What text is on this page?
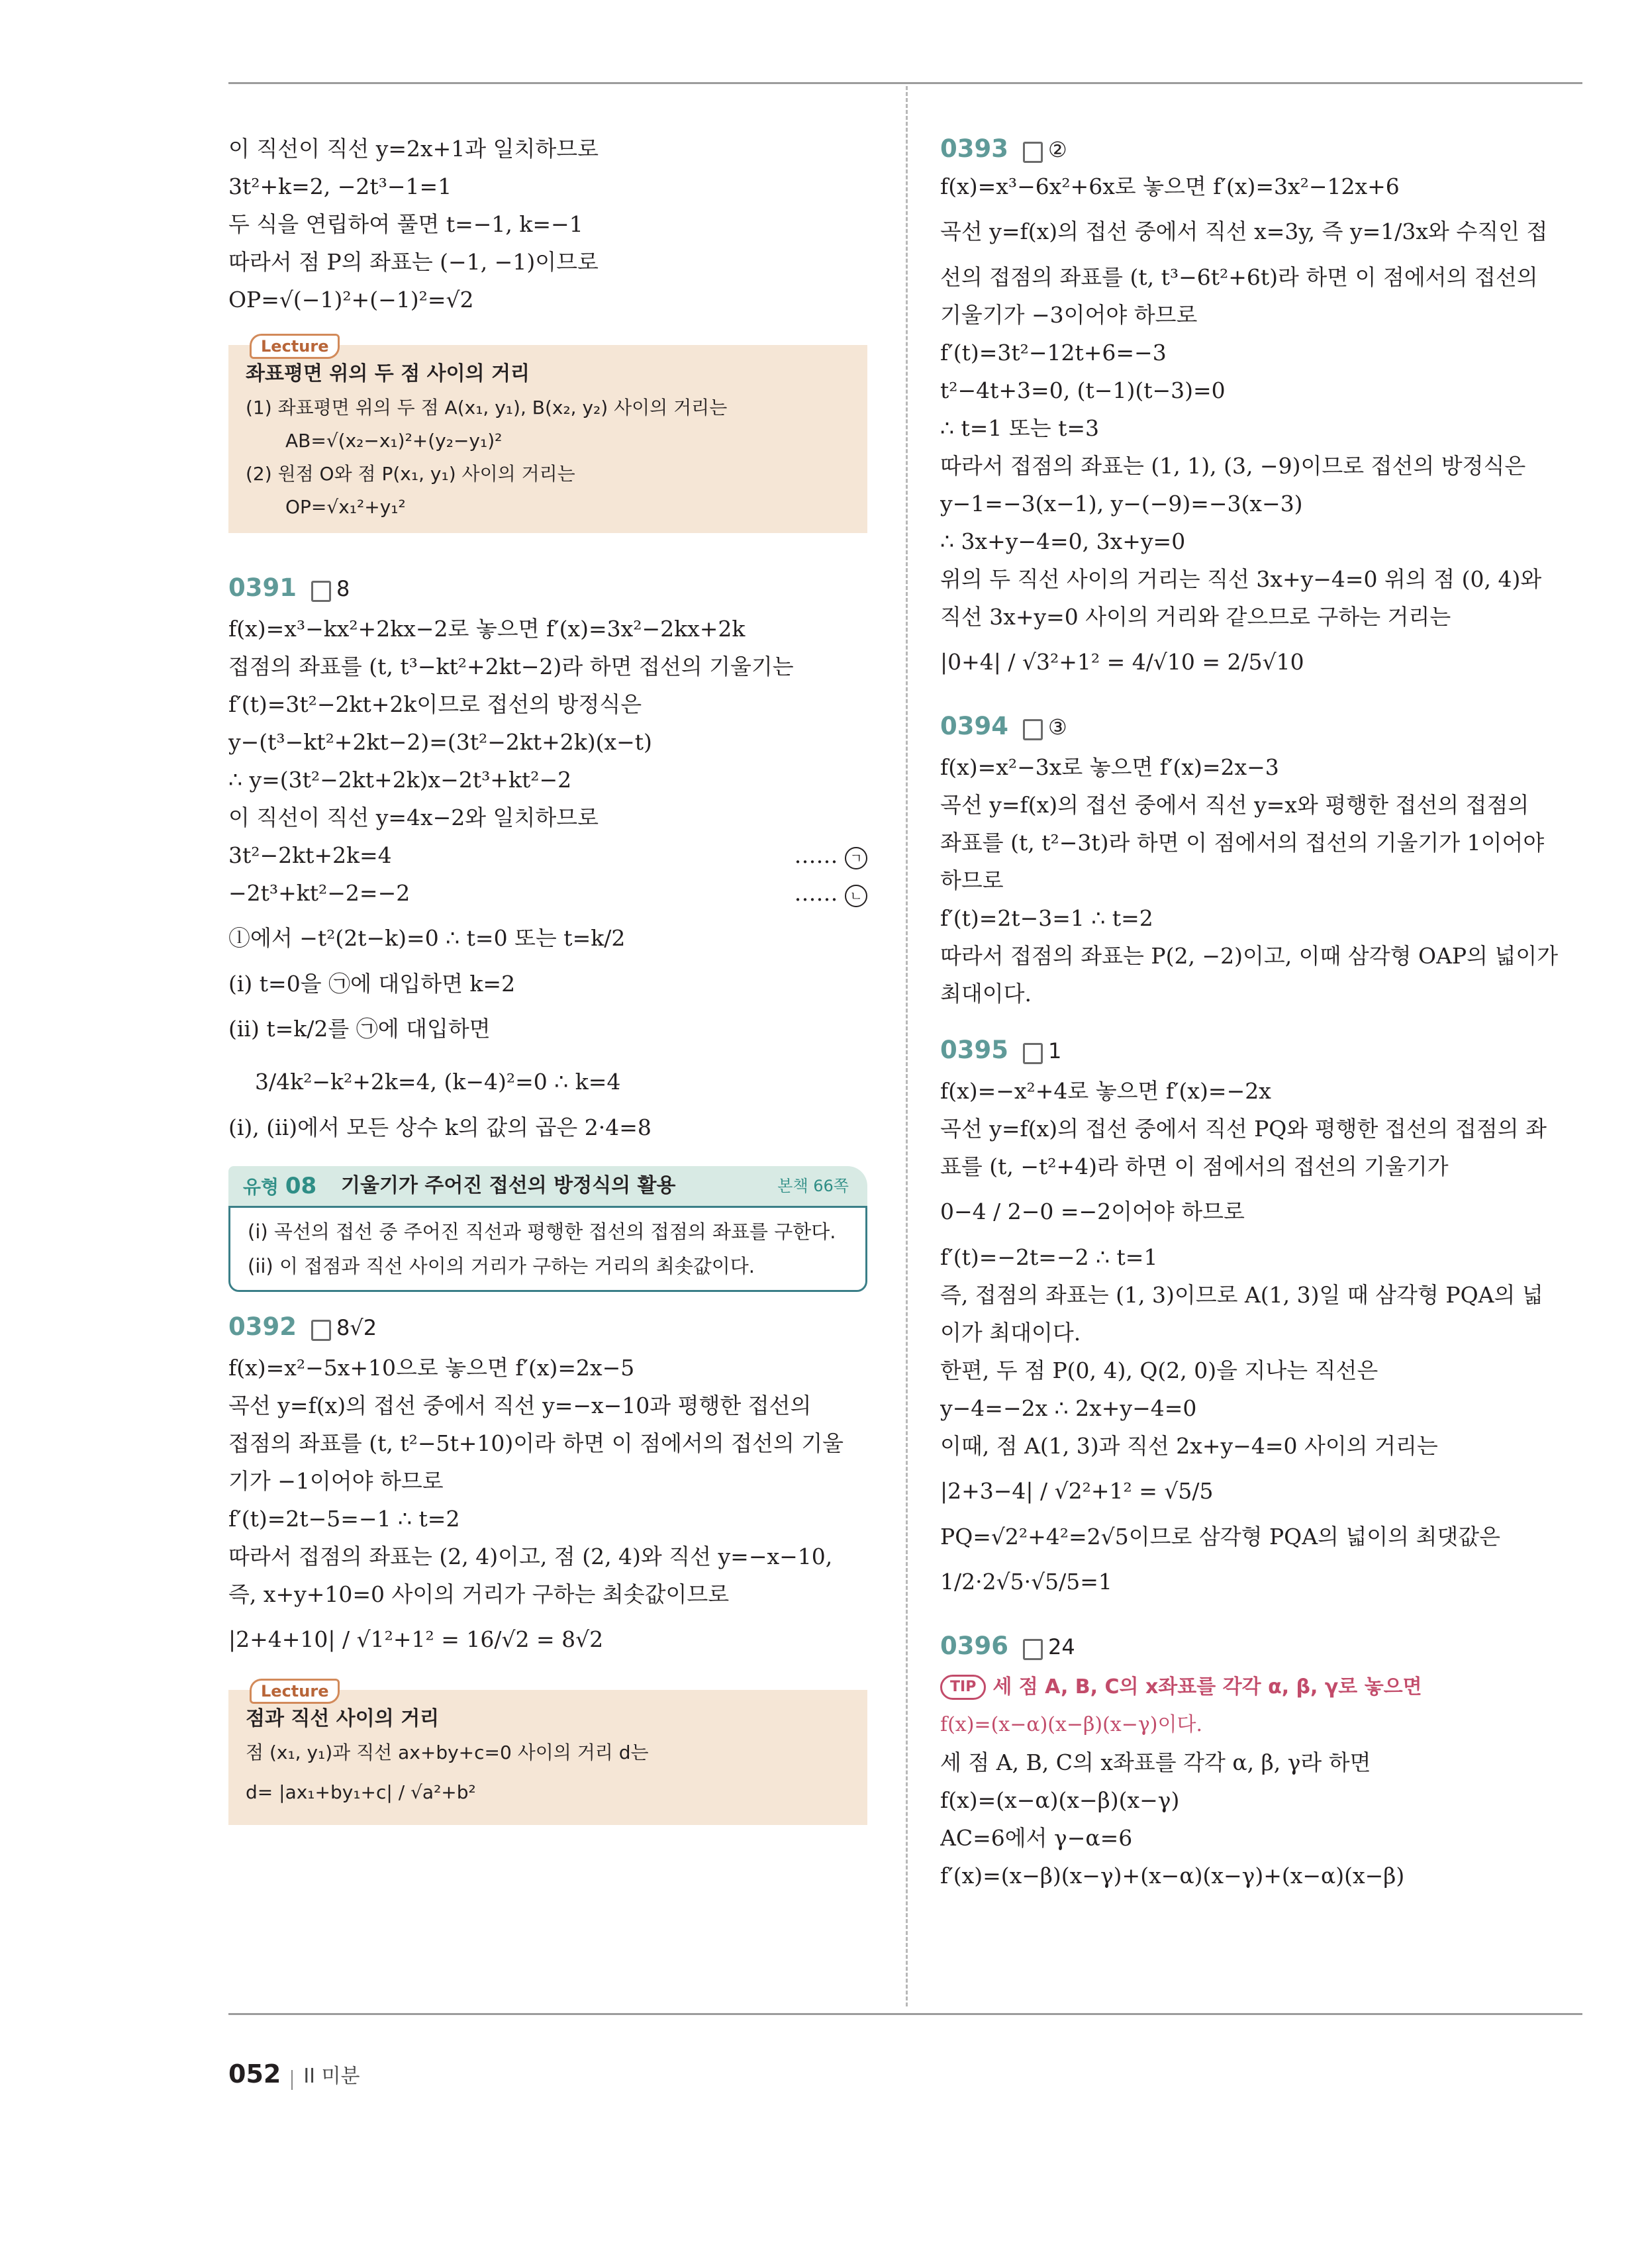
이 직선이 직선 y=2x+1과 일치하므로
3t²+k=2, −2t³−1=1
두 식을 연립하여 풀면 t=−1, k=−1
따라서 점 P의 좌표는 (−1, −1)이므로
OP=√(−1)²+(−1)²=√2
Lecture
좌표평면 위의 두 점 사이의 거리
(1) 좌표평면 위의 두 점 A(x₁, y₁), B(x₂, y₂) 사이의 거리는
AB=√(x₂−x₁)²+(y₂−y₁)²
(2) 원점 O와 점 P(x₁, y₁) 사이의 거리는
OP=√x₁²+y₁²
0391 8
f(x)=x³−kx²+2kx−2로 놓으면 f′(x)=3x²−2kx+2k
접점의 좌표를 (t, t³−kt²+2kt−2)라 하면 접선의 기울기는
f′(t)=3t²−2kt+2k이므로 접선의 방정식은
y−(t³−kt²+2kt−2)=(3t²−2kt+2k)(x−t)
∴ y=(3t²−2kt+2k)x−2t³+kt²−2
이 직선이 직선 y=4x−2와 일치하므로
3t²−2kt+2k=4	…… ㄱ
−2t³+kt²−2=−2	…… ㄴ
ⓛ에서 −t²(2t−k)=0 ∴ t=0 또는 t=k/2
(i) t=0을 ㉠에 대입하면 k=2
(ii) t=k/2를 ㉠에 대입하면
3/4k²−k²+2k=4, (k−4)²=0 ∴ k=4
(i), (ii)에서 모든 상수 k의 값의 곱은 2·4=8
유형 08 기울기가 주어진 접선의 방정식의 활용	본책 66쪽
(i) 곡선의 접선 중 주어진 직선과 평행한 접선의 접점의 좌표를 구한다.
(ii) 이 접점과 직선 사이의 거리가 구하는 거리의 최솟값이다.
0392 8√2
f(x)=x²−5x+10으로 놓으면 f′(x)=2x−5
곡선 y=f(x)의 접선 중에서 직선 y=−x−10과 평행한 접선의
접점의 좌표를 (t, t²−5t+10)이라 하면 이 점에서의 접선의 기울
기가 −1이어야 하므로
f′(t)=2t−5=−1 ∴ t=2
따라서 접점의 좌표는 (2, 4)이고, 점 (2, 4)와 직선 y=−x−10,
즉, x+y+10=0 사이의 거리가 구하는 최솟값이므로
|2+4+10| / √1²+1² = 16/√2 = 8√2
Lecture
점과 직선 사이의 거리
점 (x₁, y₁)과 직선 ax+by+c=0 사이의 거리 d는
d= |ax₁+by₁+c| / √a²+b²
0393 ②
f(x)=x³−6x²+6x로 놓으면 f′(x)=3x²−12x+6
곡선 y=f(x)의 접선 중에서 직선 x=3y, 즉 y=1/3x와 수직인 접
선의 접점의 좌표를 (t, t³−6t²+6t)라 하면 이 점에서의 접선의
기울기가 −3이어야 하므로
f′(t)=3t²−12t+6=−3
t²−4t+3=0, (t−1)(t−3)=0
∴ t=1 또는 t=3
따라서 접점의 좌표는 (1, 1), (3, −9)이므로 접선의 방정식은
y−1=−3(x−1), y−(−9)=−3(x−3)
∴ 3x+y−4=0, 3x+y=0
위의 두 직선 사이의 거리는 직선 3x+y−4=0 위의 점 (0, 4)와
직선 3x+y=0 사이의 거리와 같으므로 구하는 거리는
|0+4| / √3²+1² = 4/√10 = 2/5√10
0394 ③
f(x)=x²−3x로 놓으면 f′(x)=2x−3
곡선 y=f(x)의 접선 중에서 직선 y=x와 평행한 접선의 접점의
좌표를 (t, t²−3t)라 하면 이 점에서의 접선의 기울기가 1이어야
하므로
f′(t)=2t−3=1 ∴ t=2
따라서 접점의 좌표는 P(2, −2)이고, 이때 삼각형 OAP의 넓이가
최대이다.
0395 1
f(x)=−x²+4로 놓으면 f′(x)=−2x
곡선 y=f(x)의 접선 중에서 직선 PQ와 평행한 접선의 접점의 좌
표를 (t, −t²+4)라 하면 이 점에서의 접선의 기울기가
0−4 / 2−0 =−2이어야 하므로
f′(t)=−2t=−2 ∴ t=1
즉, 접점의 좌표는 (1, 3)이므로 A(1, 3)일 때 삼각형 PQA의 넓
이가 최대이다.
한편, 두 점 P(0, 4), Q(2, 0)을 지나는 직선은
y−4=−2x ∴ 2x+y−4=0
이때, 점 A(1, 3)과 직선 2x+y−4=0 사이의 거리는
|2+3−4| / √2²+1² = √5/5
PQ=√2²+4²=2√5이므로 삼각형 PQA의 넓이의 최댓값은
1/2·2√5·√5/5=1
0396 24
TIP 세 점 A, B, C의 x좌표를 각각 α, β, γ로 놓으면
f(x)=(x−α)(x−β)(x−γ)이다.
세 점 A, B, C의 x좌표를 각각 α, β, γ라 하면
f(x)=(x−α)(x−β)(x−γ)
AC=6에서 γ−α=6
f′(x)=(x−β)(x−γ)+(x−α)(x−γ)+(x−α)(x−β)
052 II 미분
